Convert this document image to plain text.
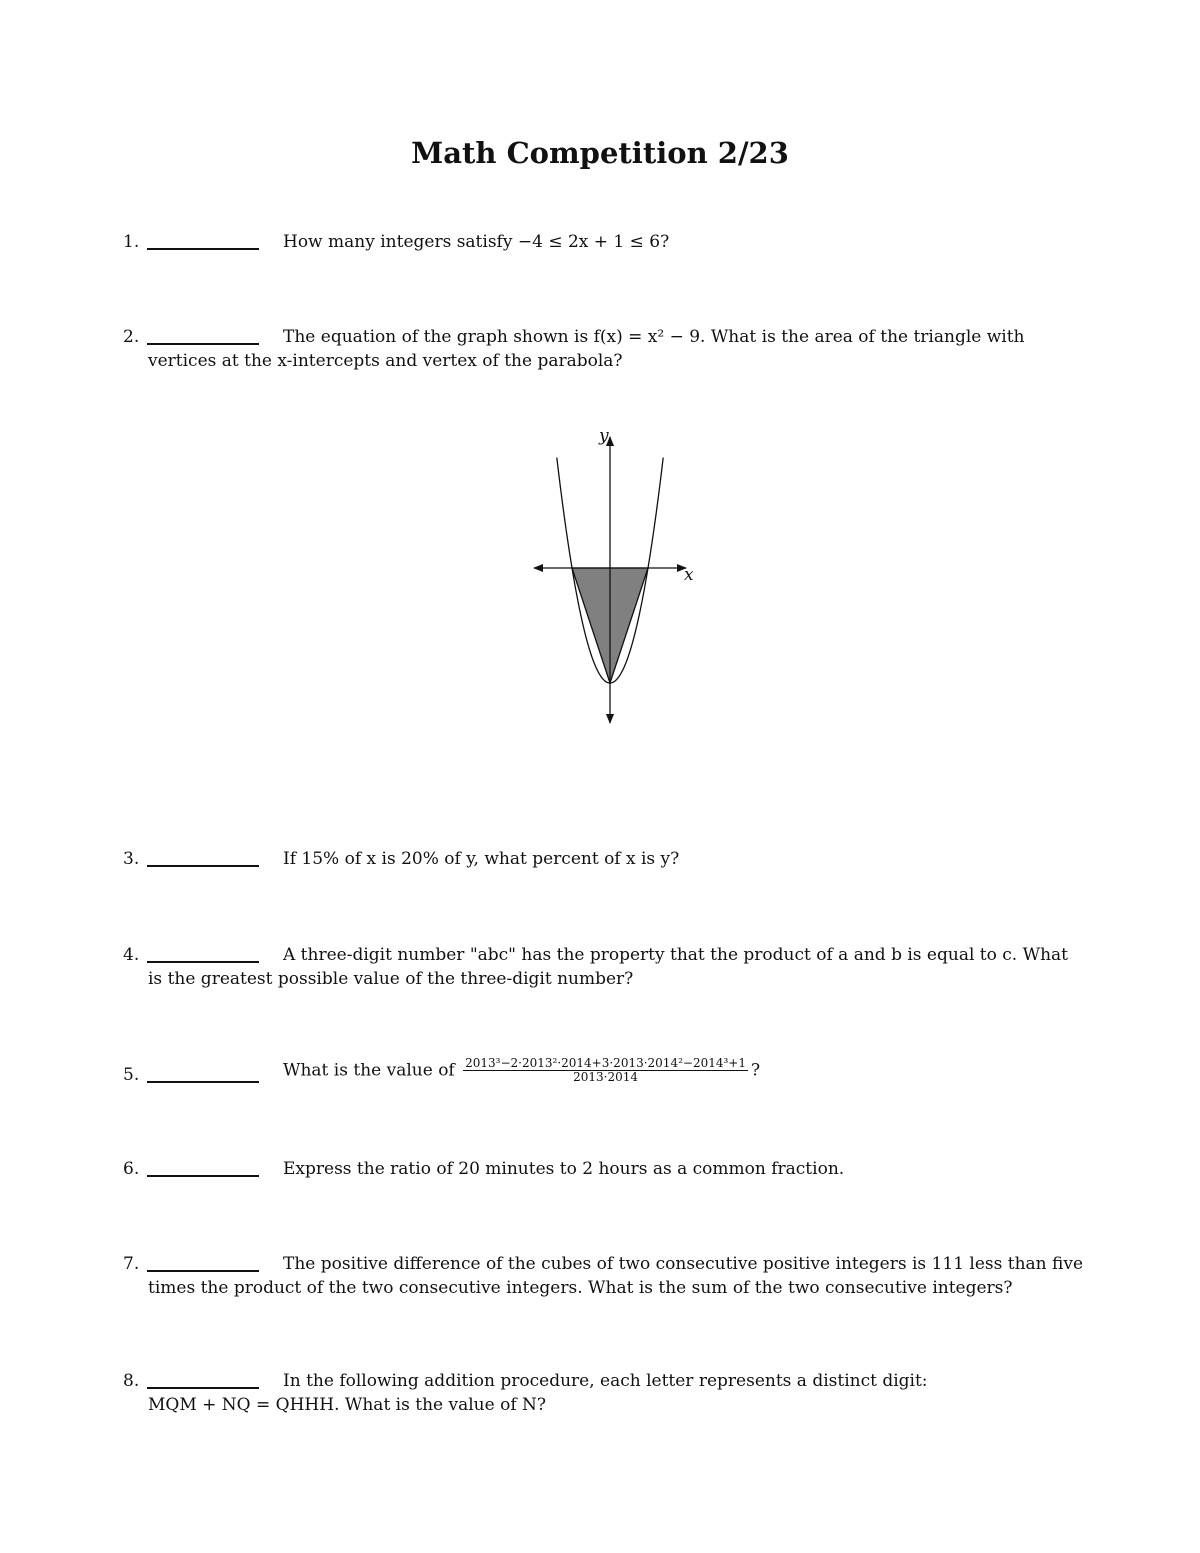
Math Competition 2/23
1.	How many integers satisfy −4 ≤ 2x + 1 ≤ 6?
2.	The equation of the graph shown is f(x) = x² − 9. What is the area of the triangle with
vertices at the x-intercepts and vertex of the parabola?
y
x
3.	If 15% of x is 20% of y, what percent of x is y?
4.	A three-digit number "abc" has the property that the product of a and b is equal to c. What
is the greatest possible value of the three-digit number?
5.	What is the value of $\frac{\text{2013³−2·2013²·2014+3·2013·2014²−2014³+1}}{2013\cdot 2014}$ ?
6.	Express the ratio of 20 minutes to 2 hours as a common fraction.
7.	The positive difference of the cubes of two consecutive positive integers is 111 less than five
times the product of the two consecutive integers. What is the sum of the two consecutive integers?
8.	In the following addition procedure, each letter represents a distinct digit:
MQM + NQ = QHHH. What is the value of N?
